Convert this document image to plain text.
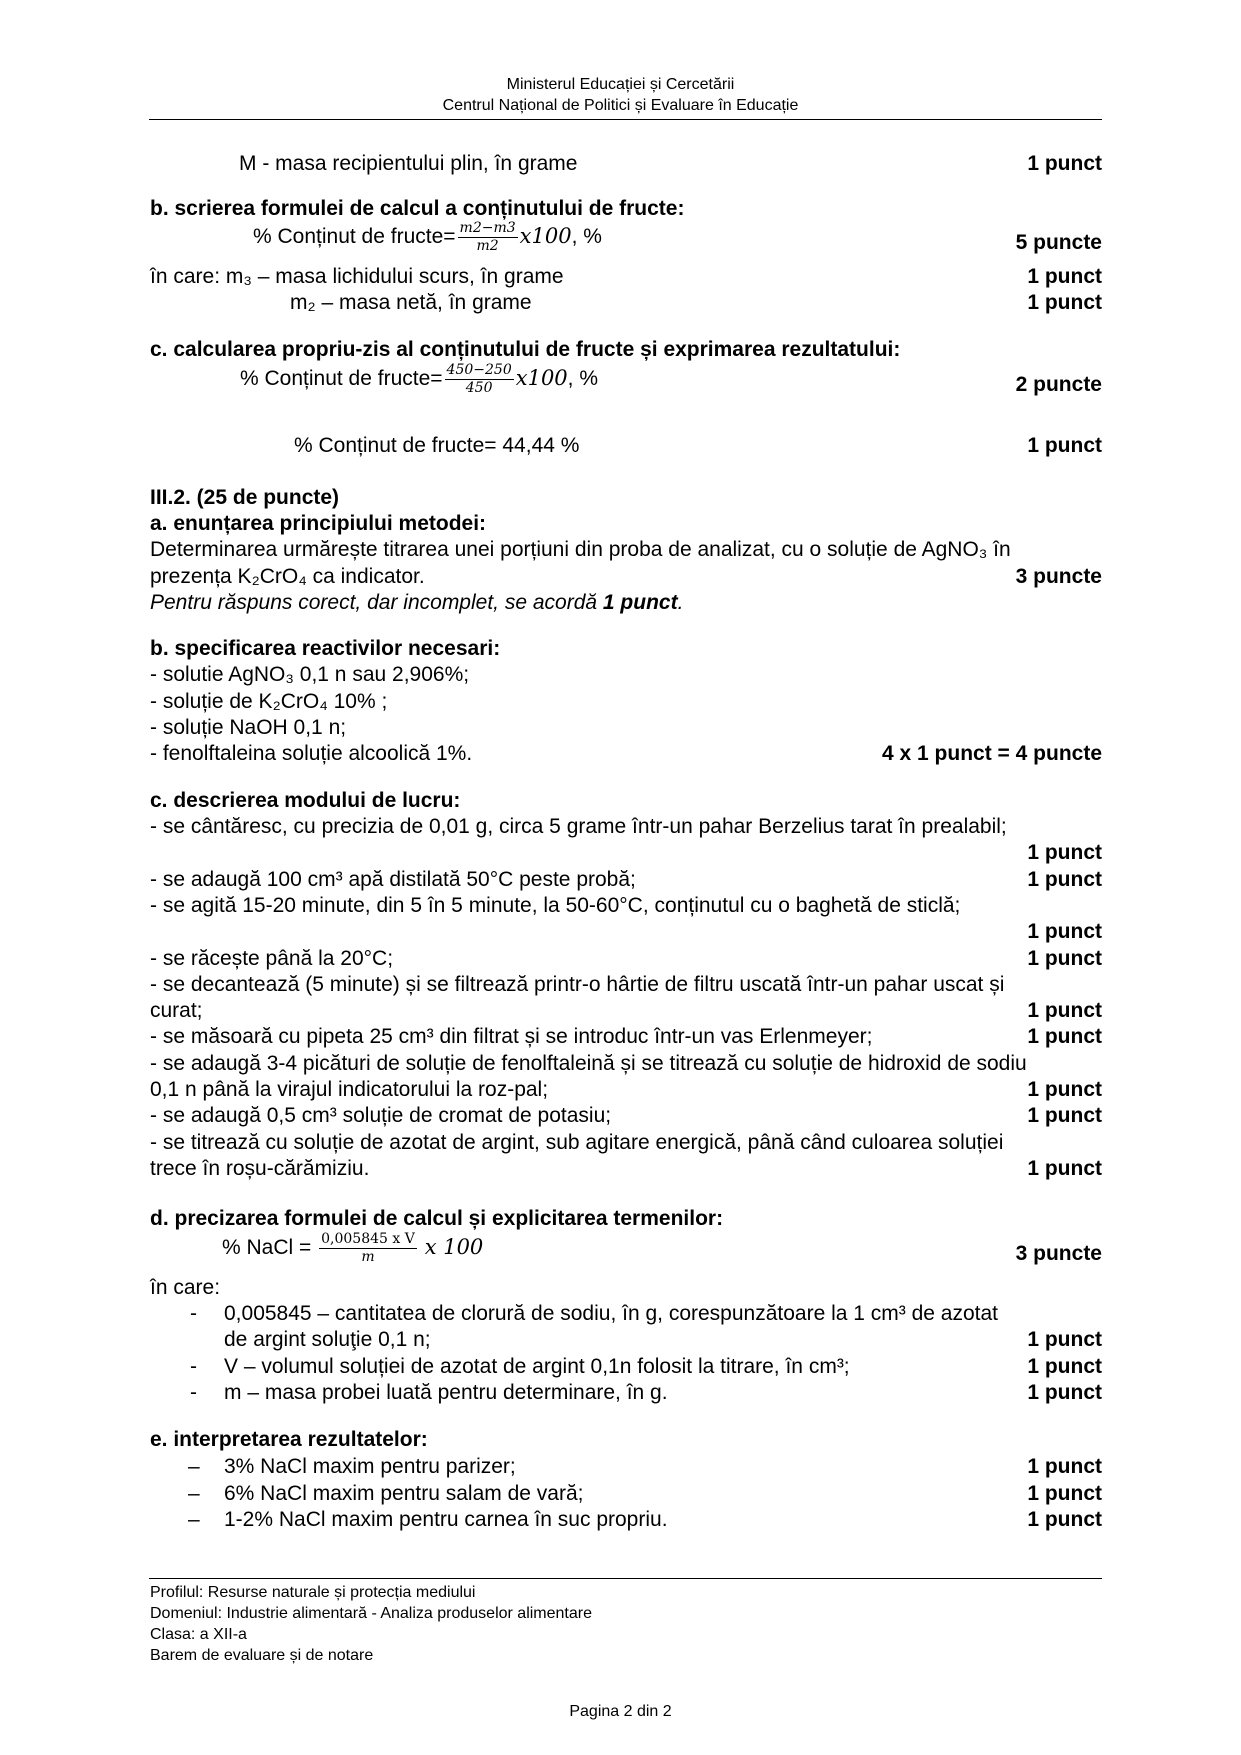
Ministerul Educației și Cercetării
Centrul Național de Politici și Evaluare în Educație
M - masa recipientului plin, în grame	1 punct
b. scrierea formulei de calcul a conținutului de fructe:
% Conținut de fructe= $\frac{m2-m3}{m2} x100$, %	5 puncte
în care: m₃ – masa lichidului scurs, în grame	1 punct
m₂ – masa netă, în grame	1 punct
c. calcularea propriu-zis al conținutului de fructe și exprimarea rezultatului:
% Conținut de fructe= $\frac{450-250}{450} x100$, %	2 puncte
% Conținut de fructe= 44,44 %	1 punct
III.2. (25 de puncte)
a. enunțarea principiului metodei:
Determinarea urmărește titrarea unei porțiuni din proba de analizat, cu o soluție de AgNO₃ în
prezența K₂CrO₄ ca indicator.	3 puncte
Pentru răspuns corect, dar incomplet, se acordă 1 punct.
b. specificarea reactivilor necesari:
- solutie AgNO₃ 0,1 n sau 2,906%;
- soluție de K₂CrO₄ 10% ;
- soluție NaOH 0,1 n;
- fenolftaleina soluție alcoolică 1%.	4 x 1 punct = 4 puncte
c. descrierea modului de lucru:
- se cântăresc, cu precizia de 0,01 g, circa 5 grame într-un pahar Berzelius tarat în prealabil;
1 punct
- se adaugă 100 cm³ apă distilată 50°C peste probă;	1 punct
- se agită 15-20 minute, din 5 în 5 minute, la 50-60°C, conținutul cu o baghetă de sticlă;
1 punct
- se răcește până la 20°C;	1 punct
- se decantează (5 minute) și se filtrează printr-o hârtie de filtru uscată într-un pahar uscat și
curat;	1 punct
- se măsoară cu pipeta 25 cm³ din filtrat și se introduc într-un vas Erlenmeyer;	1 punct
- se adaugă 3-4 picături de soluție de fenolftaleină și se titrează cu soluție de hidroxid de sodiu
0,1 n până la virajul indicatorului la roz-pal;	1 punct
- se adaugă 0,5 cm³ soluție de cromat de potasiu;	1 punct
- se titrează cu soluție de azotat de argint, sub agitare energică, până când culoarea soluției
trece în roșu-cărămiziu.	1 punct
d. precizarea formulei de calcul și explicitarea termenilor:
% NaCl = $\frac{\text{0,005845 x V}}{m}$ x 100	3 puncte
în care:
- 0,005845 – cantitatea de clorură de sodiu, în g, corespunzătoare la 1 cm³ de azotat
de argint soluţie 0,1 n;	1 punct
- V – volumul soluției de azotat de argint 0,1n folosit la titrare, în cm³;	1 punct
- m – masa probei luată pentru determinare, în g.	1 punct
e. interpretarea rezultatelor:
– 3% NaCl maxim pentru parizer;	1 punct
– 6% NaCl maxim pentru salam de vară;	1 punct
– 1-2% NaCl maxim pentru carnea în suc propriu.	1 punct
Profilul: Resurse naturale și protecția mediului
Domeniul: Industrie alimentară - Analiza produselor alimentare
Clasa: a XII-a
Barem de evaluare și de notare
Pagina 2 din 2
